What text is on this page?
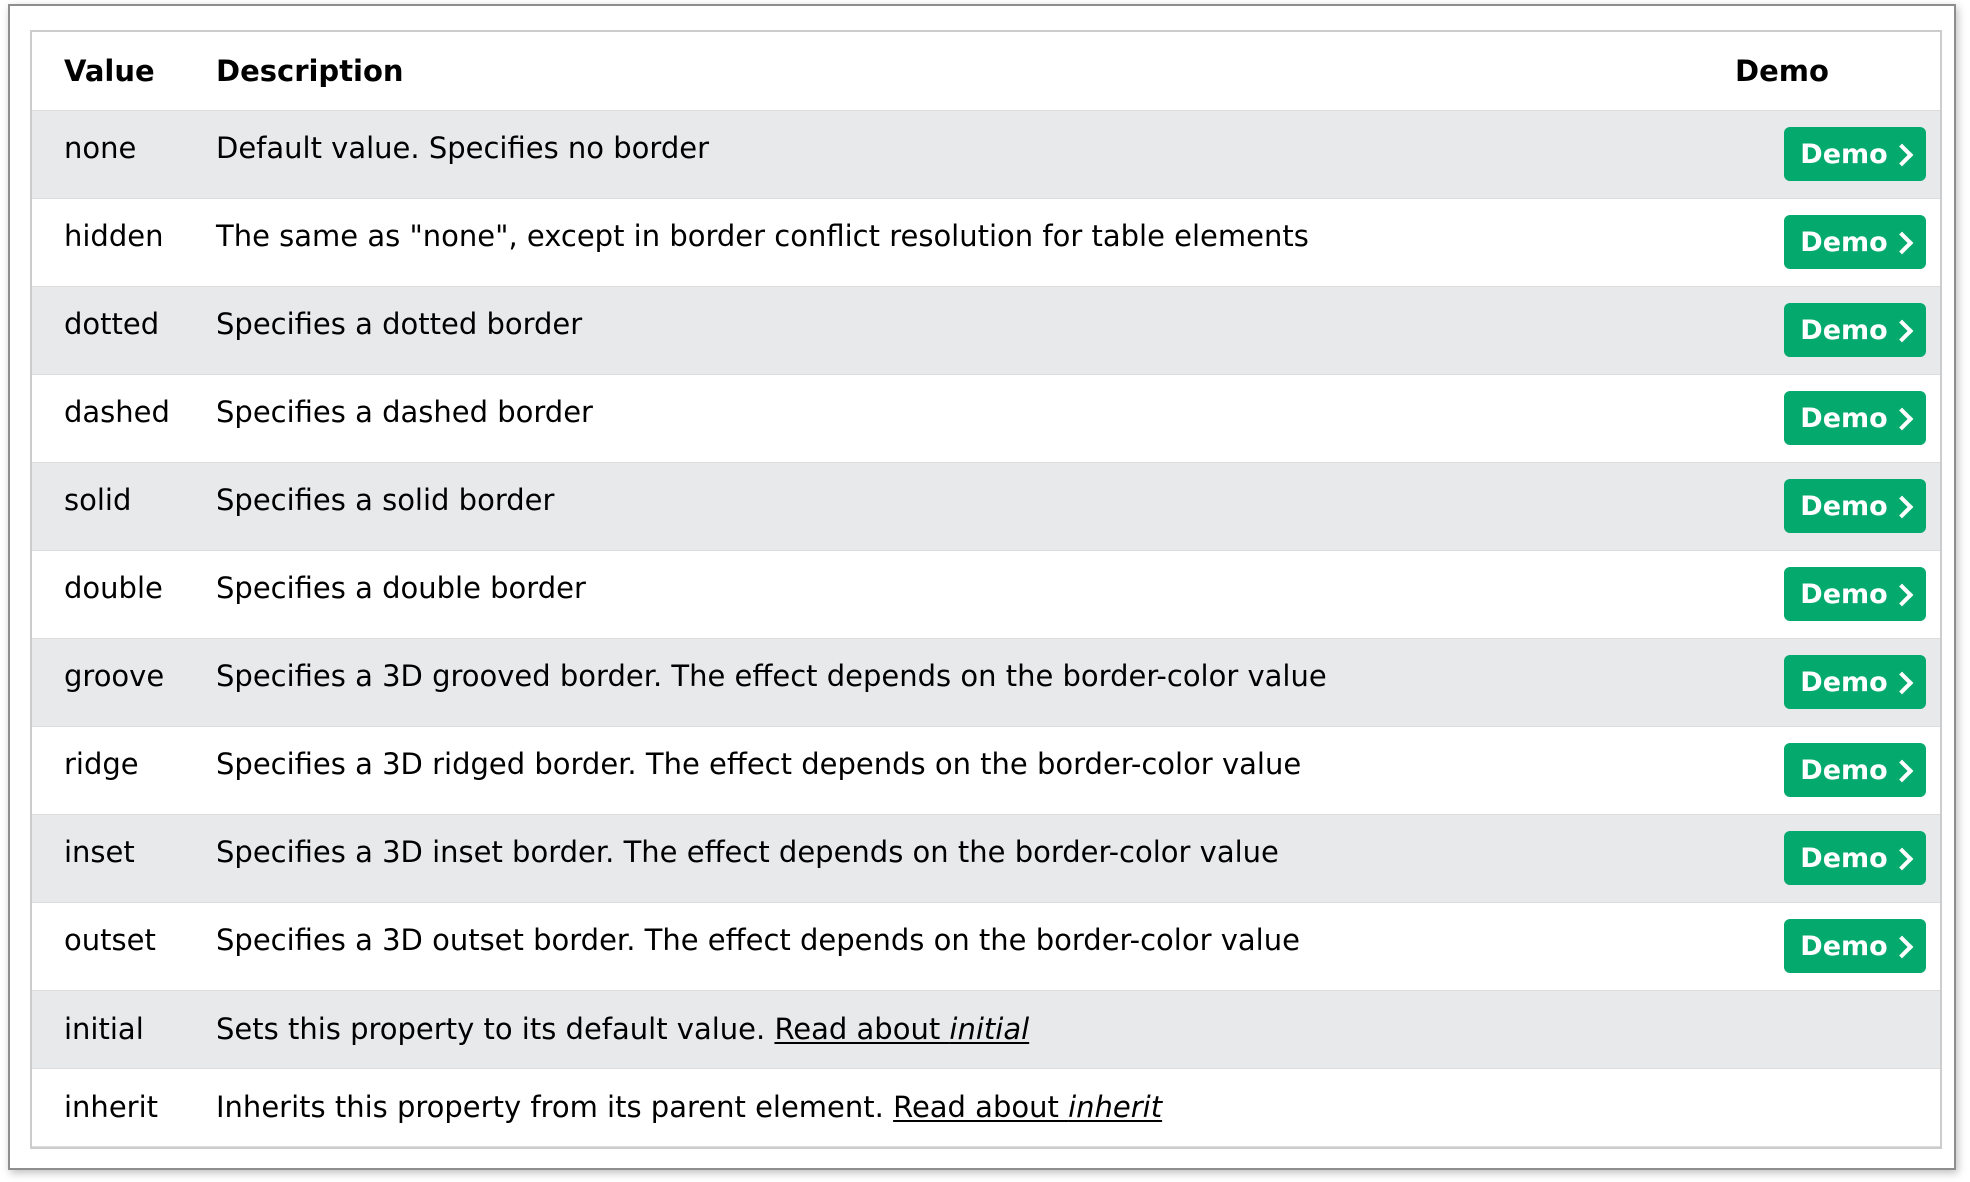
Value	Description	Demo
none	Default value. Specifies no border	Demo

hidden	The same as "none", except in border conflict resolution for table elements	Demo

dotted	Specifies a dotted border	Demo

dashed	Specifies a dashed border	Demo

solid	Specifies a solid border	Demo

double	Specifies a double border	Demo

groove	Specifies a 3D grooved border. The effect depends on the border-color value	Demo

ridge	Specifies a 3D ridged border. The effect depends on the border-color value	Demo

inset	Specifies a 3D inset border. The effect depends on the border-color value	Demo

outset	Specifies a 3D outset border. The effect depends on the border-color value	Demo

initial	Sets this property to its default value. Read about initial	
inherit	Inherits this property from its parent element. Read about inherit	
